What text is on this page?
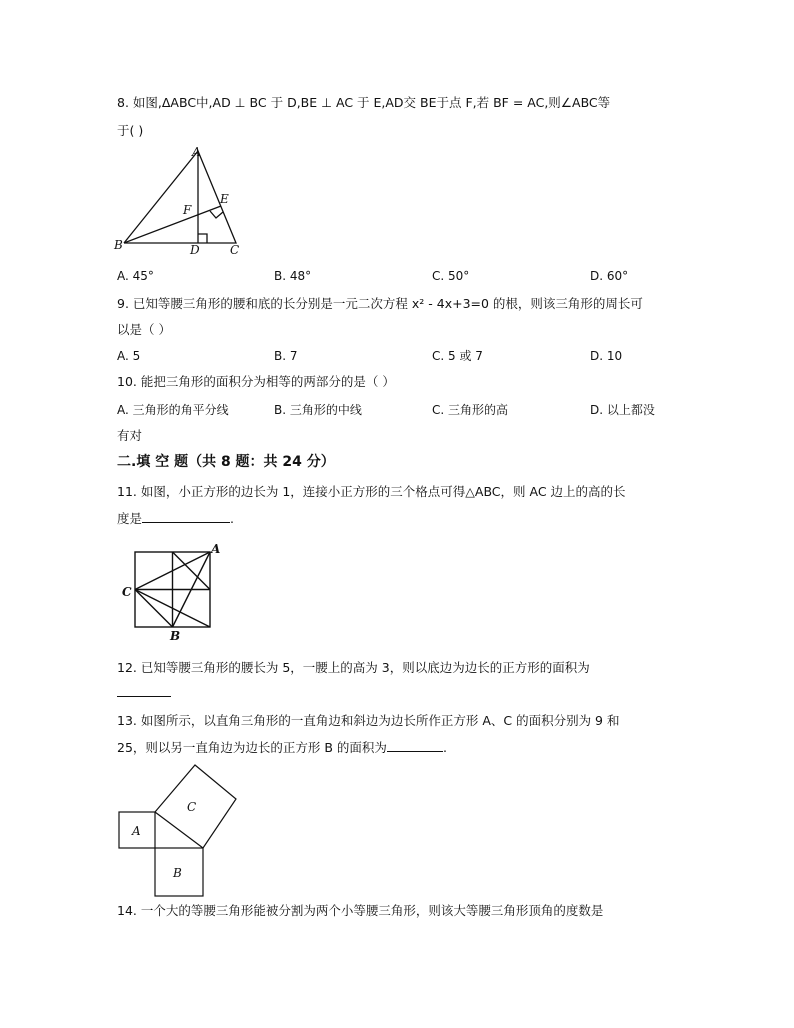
8. 如图,ΔABC中,AD ⊥ BC 于 D,BE ⊥ AC 于 E,AD交 BE于点 F,若 BF = AC,则∠ABC等
于( )
A
B	C
D
E
F
A. 45°	B. 48°	C. 50°	D. 60°
9. 已知等腰三角形的腰和底的长分别是一元二次方程 x² - 4x+3=0 的根，则该三角形的周长可
以是（ ）
A. 5	B. 7	C. 5 或 7	D. 10
10. 能把三角形的面积分为相等的两部分的是（ ）
A. 三角形的角平分线	B. 三角形的中线	C. 三角形的高	D. 以上都没
有对
二.填 空 题（共 8 题：共 24 分）
11. 如图，小正方形的边长为 1，连接小正方形的三个格点可得△ABC，则 AC 边上的高的长
度是	.
A
C
B
12. 已知等腰三角形的腰长为 5，一腰上的高为 3，则以底边为边长的正方形的面积为
13. 如图所示，以直角三角形的一直角边和斜边为边长所作正方形 A、C 的面积分别为 9 和
25，则以另一直角边为边长的正方形 B 的面积为	.
A
B
C
14. 一个大的等腰三角形能被分割为两个小等腰三角形，则该大等腰三角形顶角的度数是
